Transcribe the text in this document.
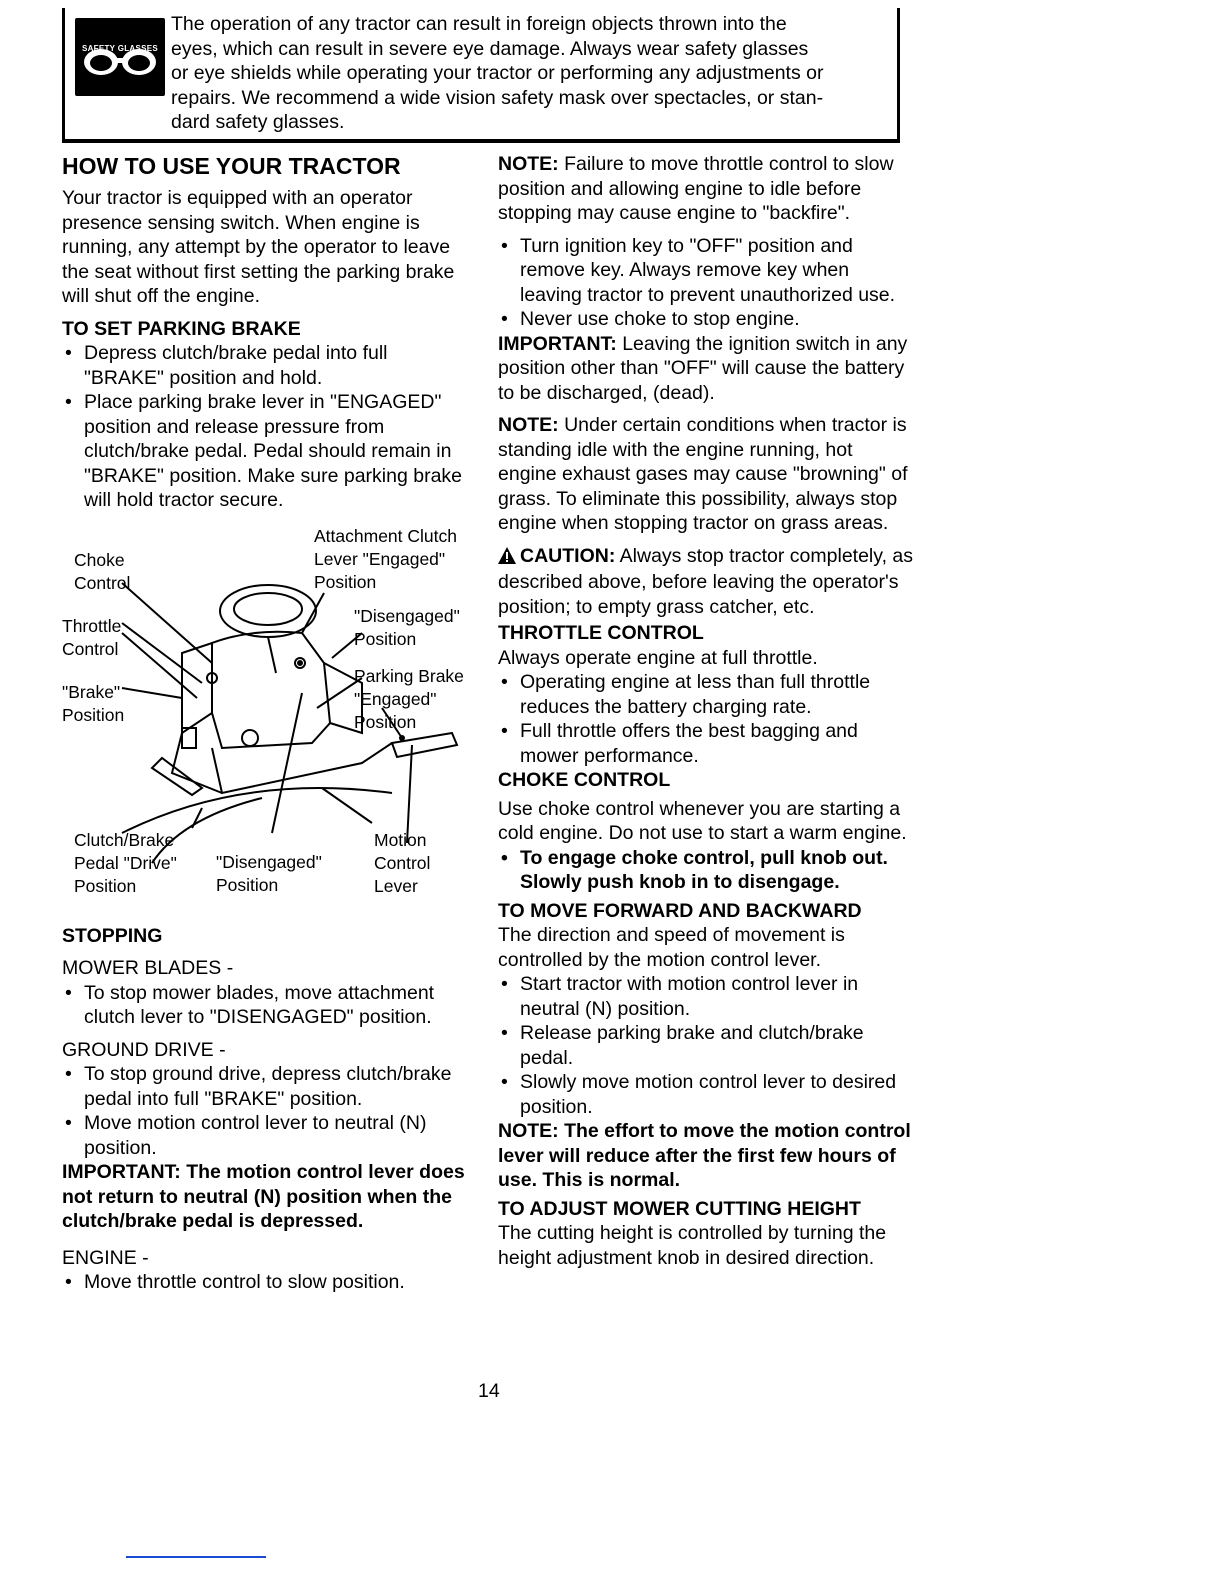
SAFETY GLASSES
The operation of any tractor can result in foreign objects thrown into the
eyes, which can result in severe eye damage. Always wear safety glasses
or eye shields while operating your tractor or performing any adjustments or
repairs. We recommend a wide vision safety mask over spectacles, or stan-
dard safety glasses.
HOW TO USE YOUR TRACTOR

Your tractor is equipped with an operator presence sensing switch. When engine is running, any attempt by the operator to leave the seat without first setting the parking brake will shut off the engine.

TO SET PARKING BRAKE
• Depress clutch/brake pedal into full "BRAKE" position and hold.
• Place parking brake lever in "ENGAGED" position and release pressure from clutch/brake pedal. Pedal should remain in "BRAKE" position. Make sure parking brake will hold tractor secure.
Choke
Control
Attachment Clutch
Lever "Engaged"
Position
Throttle
Control
"Disengaged"
Position
Parking Brake
"Engaged"
Position
"Brake"
Position
Clutch/Brake
Pedal "Drive"
Position
"Disengaged"
Position
Motion
Control
Lever
STOPPING
MOWER BLADES -
• To stop mower blades, move attachment clutch lever to "DISENGAGED" position.
GROUND DRIVE -
• To stop ground drive, depress clutch/brake pedal into full "BRAKE" position.
• Move motion control lever to neutral (N) position.

IMPORTANT: The motion control lever does not return to neutral (N) position when the clutch/brake pedal is depressed.

ENGINE -
• Move throttle control to slow position.

NOTE: Failure to move throttle control to slow position and allowing engine to idle before stopping may cause engine to "backfire".

• Turn ignition key to "OFF" position and remove key. Always remove key when leaving tractor to prevent unauthorized use.
• Never use choke to stop engine.

IMPORTANT: Leaving the ignition switch in any position other than "OFF" will cause the battery to be discharged, (dead).

NOTE: Under certain conditions when tractor is standing idle with the engine running, hot engine exhaust gases may cause "browning" of grass. To eliminate this possibility, always stop engine when stopping tractor on grass areas.

CAUTION: Always stop tractor completely, as described above, before leaving the operator's position; to empty grass catcher, etc.

THROTTLE CONTROL

Always operate engine at full throttle.

• Operating engine at less than full throttle reduces the battery charging rate.
• Full throttle offers the best bagging and mower performance.
CHOKE CONTROL

Use choke control whenever you are starting a cold engine. Do not use to start a warm engine.

• To engage choke control, pull knob out. Slowly push knob in to disengage.
TO MOVE FORWARD AND BACKWARD

The direction and speed of movement is controlled by the motion control lever.

• Start tractor with motion control lever in neutral (N) position.
• Release parking brake and clutch/brake pedal.
• Slowly move motion control lever to desired position.

NOTE: The effort to move the motion control lever will reduce after the first few hours of use. This is normal.

TO ADJUST MOWER CUTTING HEIGHT

The cutting height is controlled by turning the height adjustment knob in desired direction.

14
